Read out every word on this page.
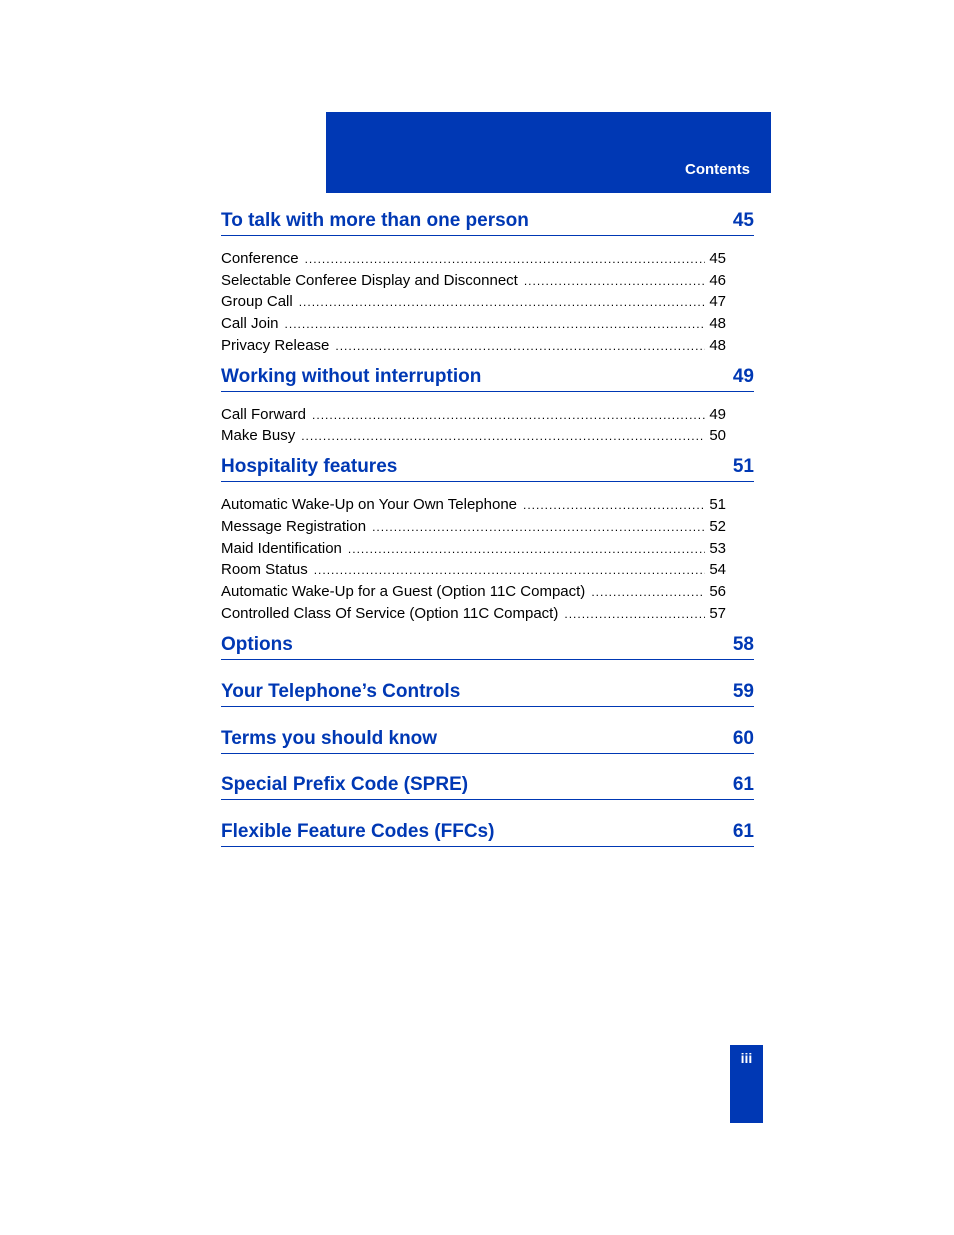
Contents
To talk with more than one person	45
Conference .....	45
Selectable Conferee Display and Disconnect .....	46
Group Call .....	47
Call Join .....	48
Privacy Release .....	48
Working without interruption	49
Call Forward .....	49
Make Busy .....	50
Hospitality features	51
Automatic Wake-Up on Your Own Telephone .....	51
Message Registration .....	52
Maid Identification .....	53
Room Status .....	54
Automatic Wake-Up for a Guest (Option 11C Compact) .....	56
Controlled Class Of Service (Option 11C Compact) .....	57
Options	58
Your Telephone’s Controls	59
Terms you should know	60
Special Prefix Code (SPRE)	61
Flexible Feature Codes (FFCs)	61
iii
